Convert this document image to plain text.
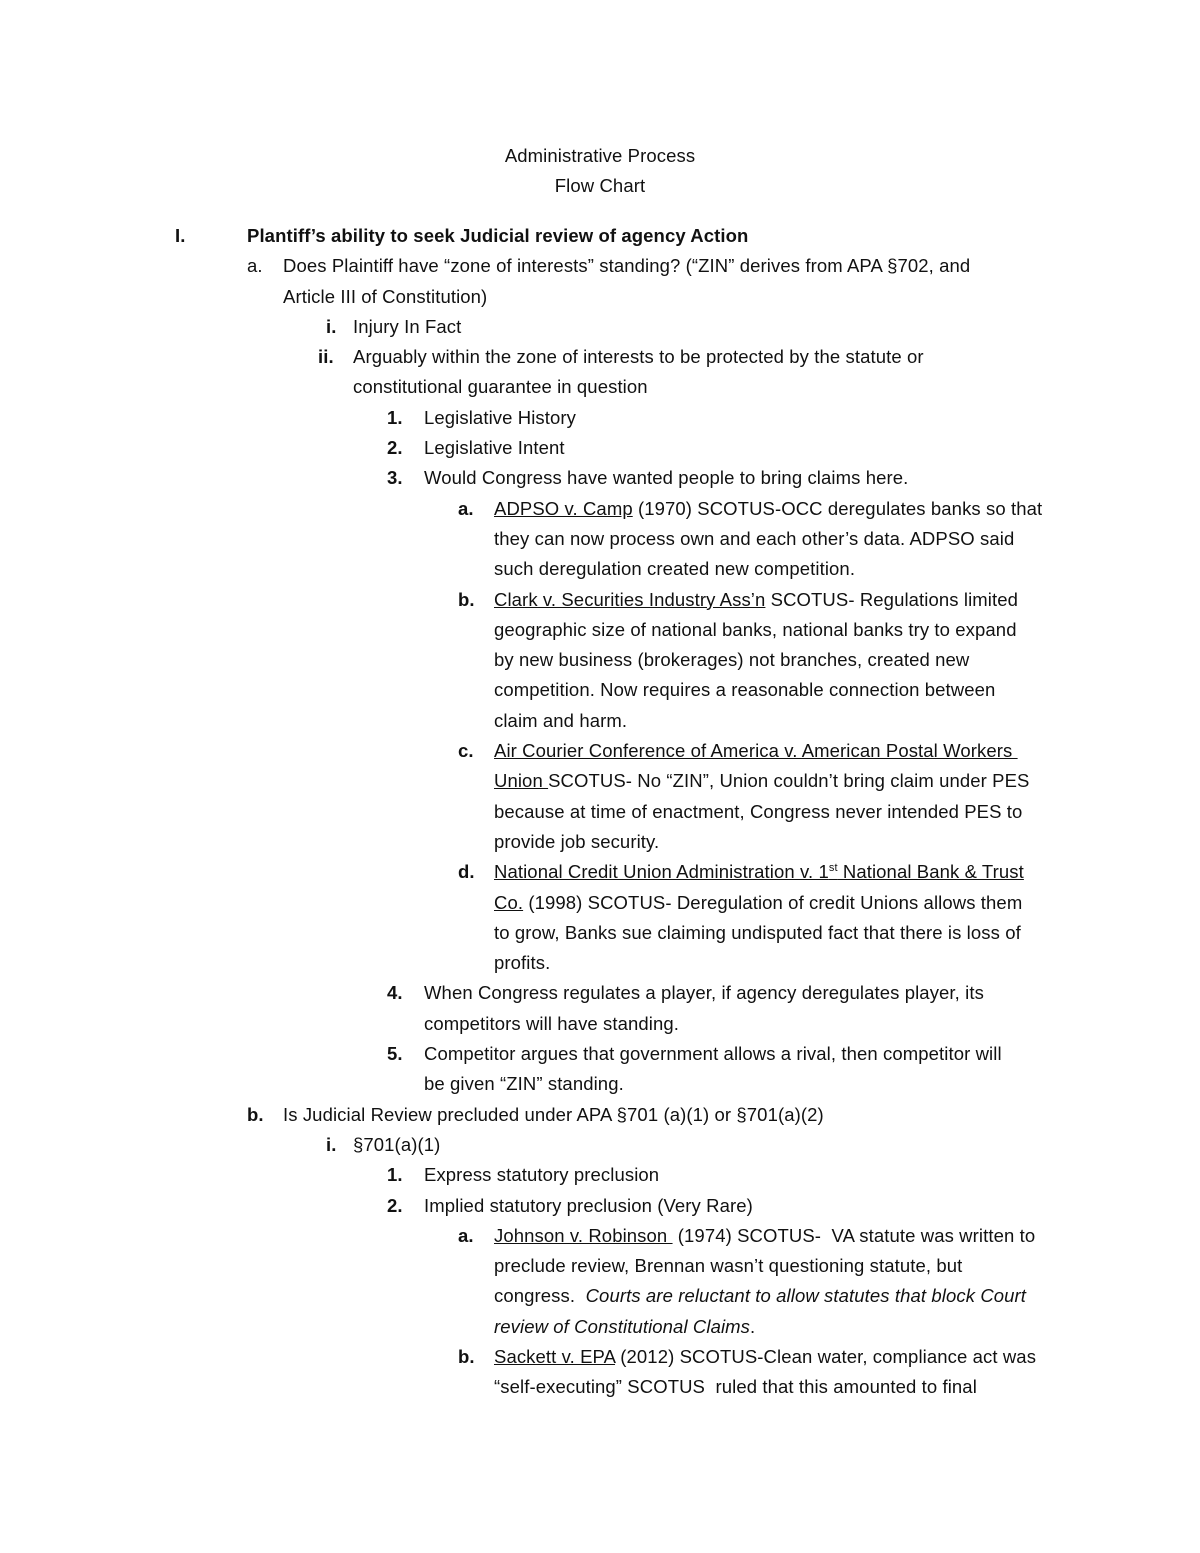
Administrative Process
Flow Chart
I.	Plantiff’s ability to seek Judicial review of agency Action
a. Does Plaintiff have “zone of interests” standing? (“ZIN” derives from APA §702, and
Article III of Constitution)
i. Injury In Fact
ii. Arguably within the zone of interests to be protected by the statute or
constitutional guarantee in question
1. Legislative History
2. Legislative Intent
3. Would Congress have wanted people to bring claims here.
a. ADPSO v. Camp (1970) SCOTUS-OCC deregulates banks so that
they can now process own and each other’s data. ADPSO said
such deregulation created new competition.
b. Clark v. Securities Industry Ass’n SCOTUS- Regulations limited
geographic size of national banks, national banks try to expand
by new business (brokerages) not branches, created new
competition. Now requires a reasonable connection between
claim and harm.
c. Air Courier Conference of America v. American Postal Workers
Union SCOTUS- No “ZIN”, Union couldn’t bring claim under PES
because at time of enactment, Congress never intended PES to
provide job security.
d. National Credit Union Administration v. 1st National Bank & Trust
Co. (1998) SCOTUS- Deregulation of credit Unions allows them
to grow, Banks sue claiming undisputed fact that there is loss of
profits.
4. When Congress regulates a player, if agency deregulates player, its
competitors will have standing.
5. Competitor argues that government allows a rival, then competitor will
be given “ZIN” standing.
b. Is Judicial Review precluded under APA §701 (a)(1) or §701(a)(2)
i. §701(a)(1)
1. Express statutory preclusion
2. Implied statutory preclusion (Very Rare)
a. Johnson v. Robinson  (1974) SCOTUS-  VA statute was written to
preclude review, Brennan wasn’t questioning statute, but
congress.  Courts are reluctant to allow statutes that block Court
review of Constitutional Claims.
b. Sackett v. EPA (2012) SCOTUS-Clean water, compliance act was
“self-executing” SCOTUS  ruled that this amounted to final
